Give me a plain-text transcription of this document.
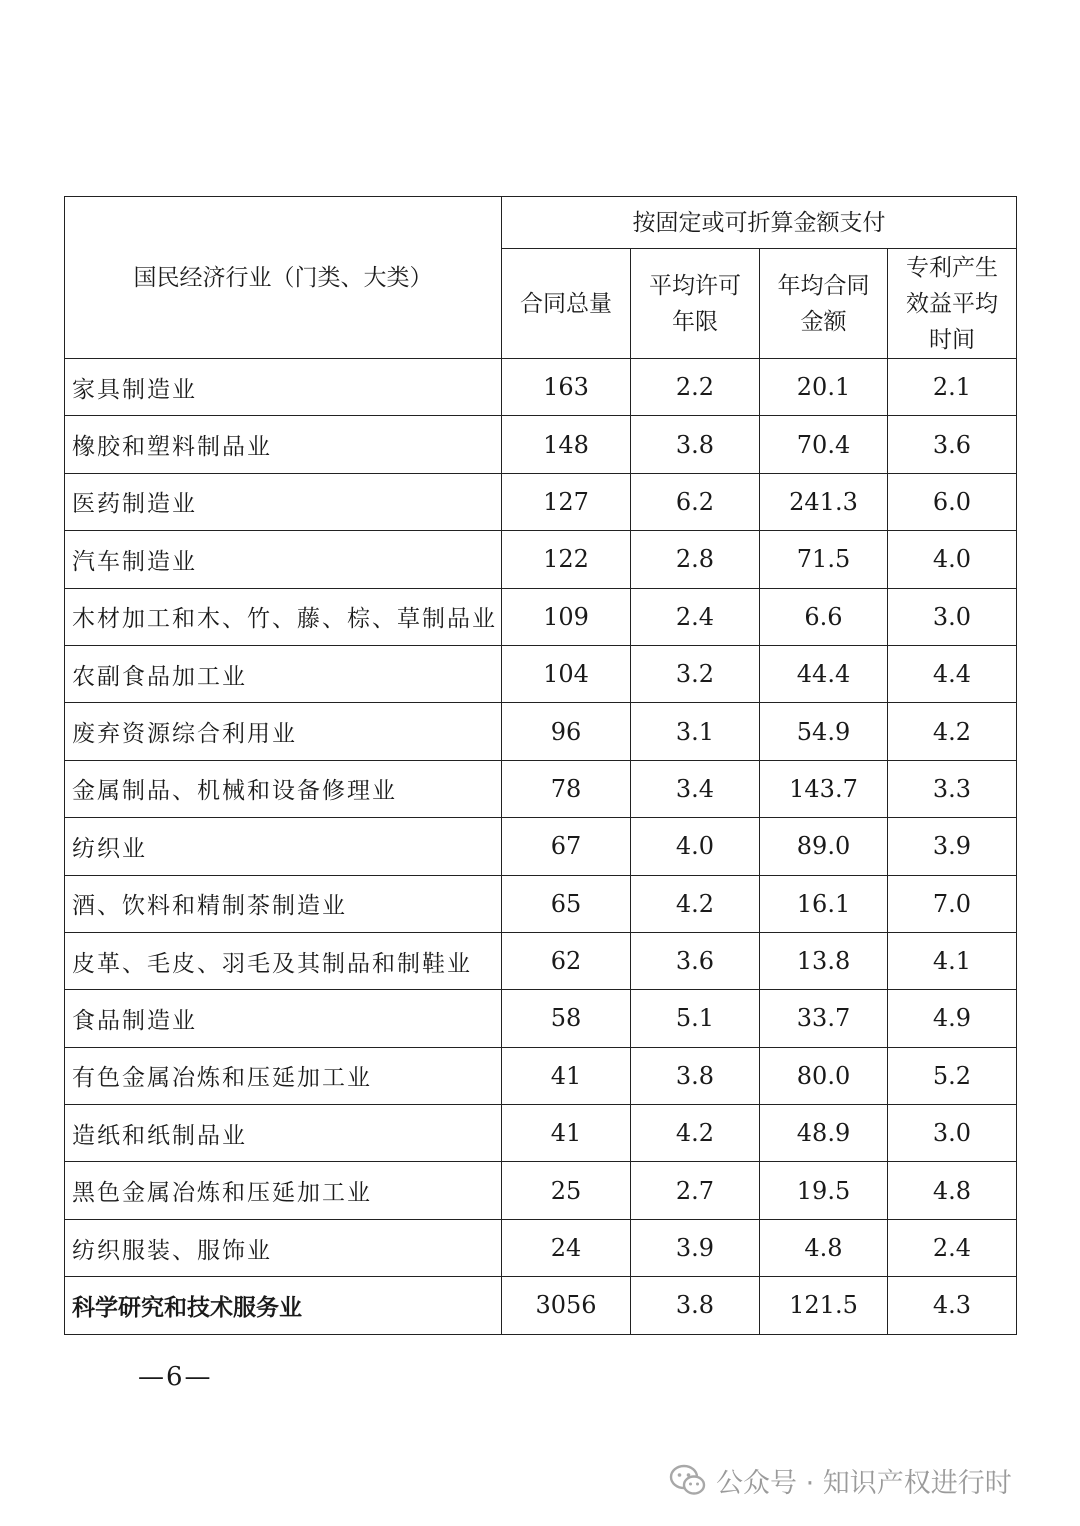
国民经济行业（门类、大类）	按固定或可折算金额支付			

	合同总量	平均许可年限	年均合同金额	专利产生效益平均时间

家具制造业	163	2.2	20.1	2.1
橡胶和塑料制品业	148	3.8	70.4	3.6
医药制造业	127	6.2	241.3	6.0
汽车制造业	122	2.8	71.5	4.0
木材加工和木、竹、藤、棕、草制品业	109	2.4	6.6	3.0
农副食品加工业	104	3.2	44.4	4.4
废弃资源综合利用业	96	3.1	54.9	4.2
金属制品、机械和设备修理业	78	3.4	143.7	3.3
纺织业	67	4.0	89.0	3.9
酒、饮料和精制茶制造业	65	4.2	16.1	7.0
皮革、毛皮、羽毛及其制品和制鞋业	62	3.6	13.8	4.1
食品制造业	58	5.1	33.7	4.9
有色金属冶炼和压延加工业	41	3.8	80.0	5.2
造纸和纸制品业	41	4.2	48.9	3.0
黑色金属冶炼和压延加工业	25	2.7	19.5	4.8
纺织服装、服饰业	24	3.9	4.8	2.4
科学研究和技术服务业	3056	3.8	121.5	4.3
—6—
公众号 · 知识产权进行时
